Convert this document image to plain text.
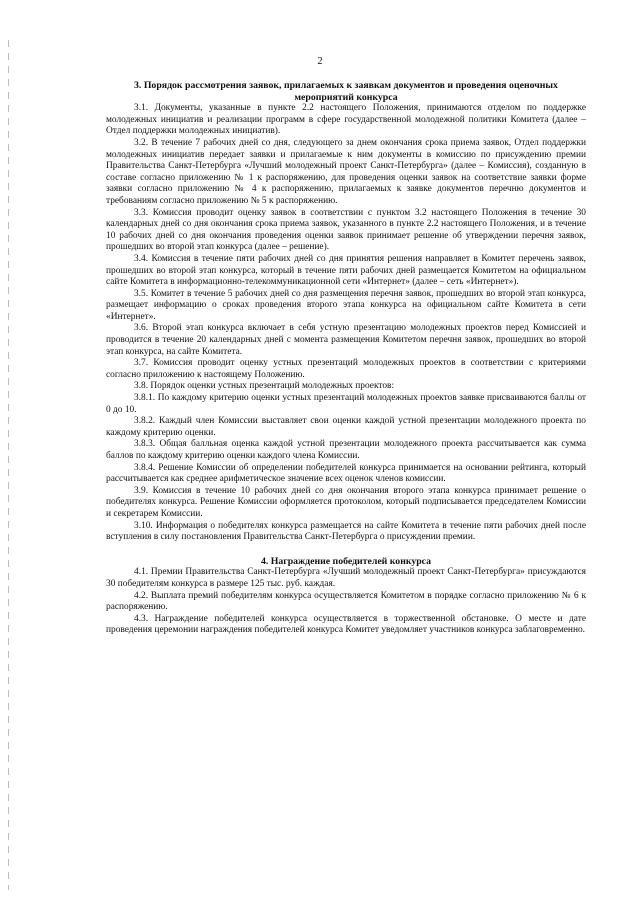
2
3. Порядок рассмотрения заявок, прилагаемых к заявкам документов и проведения оценочных мероприятий конкурса

3.1. Документы, указанные в пункте 2.2 настоящего Положения, принимаются отделом по поддержке молодежных инициатив и реализации программ в сфере государственной молодежной политики Комитета (далее – Отдел поддержки молодежных инициатив).

3.2. В течение 7 рабочих дней со дня, следующего за днем окончания срока приема заявок, Отдел поддержки молодежных инициатив передает заявки и прилагаемые к ним документы в комиссию по присуждению премии Правительства Санкт-Петербурга «Лучший молодежный проект Санкт-Петербурга» (далее – Комиссия), созданную в составе согласно приложению № 1 к распоряжению, для проведения оценки заявок на соответствие заявки форме заявки согласно приложению № 4 к распоряжению, прилагаемых к заявке документов перечню документов и требованиям согласно приложению № 5 к распоряжению.

3.3. Комиссия проводит оценку заявок в соответствии с пунктом 3.2 настоящего Положения в течение 30 календарных дней со дня окончания срока приема заявок, указанного в пункте 2.2 настоящего Положения, и в течение 10 рабочих дней со дня окончания проведения оценки заявок принимает решение об утверждении перечня заявок, прошедших во второй этап конкурса (далее – решение).

3.4. Комиссия в течение пяти рабочих дней со дня принятия решения направляет в Комитет перечень заявок, прошедших во второй этап конкурса, который в течение пяти рабочих дней размещается Комитетом на официальном сайте Комитета в информационно-телекоммуникационной сети «Интернет» (далее – сеть «Интернет»).

3.5. Комитет в течение 5 рабочих дней со дня размещения перечня заявок, прошедших во второй этап конкурса, размещает информацию о сроках проведения второго этапа конкурса на официальном сайте Комитета в сети «Интернет».

3.6. Второй этап конкурса включает в себя устную презентацию молодежных проектов перед Комиссией и проводится в течение 20 календарных дней с момента размещения Комитетом перечня заявок, прошедших во второй этап конкурса, на сайте Комитета.

3.7. Комиссия проводит оценку устных презентаций молодежных проектов в соответствии с критериями согласно приложению к настоящему Положению.

3.8. Порядок оценки устных презентаций молодежных проектов:

3.8.1. По каждому критерию оценки устных презентаций молодежных проектов заявке присваиваются баллы от 0 до 10.

3.8.2. Каждый член Комиссии выставляет свои оценки каждой устной презентации молодежного проекта по каждому критерию оценки.

3.8.3. Общая балльная оценка каждой устной презентации молодежного проекта рассчитывается как сумма баллов по каждому критерию оценки каждого члена Комиссии.

3.8.4. Решение Комиссии об определении победителей конкурса принимается на основании рейтинга, который рассчитывается как среднее арифметическое значение всех оценок членов комиссии.

3.9. Комиссия в течение 10 рабочих дней со дня окончания второго этапа конкурса принимает решение о победителях конкурса. Решение Комиссии оформляется протоколом, который подписывается председателем Комиссии и секретарем Комиссии.

3.10. Информация о победителях конкурса размещается на сайте Комитета в течение пяти рабочих дней после вступления в силу постановления Правительства Санкт-Петербурга о присуждении премии.

4. Награждение победителей конкурса

4.1. Премии Правительства Санкт-Петербурга «Лучший молодежный проект Санкт-Петербурга» присуждаются 30 победителям конкурса в размере 125 тыс. руб. каждая.

4.2. Выплата премий победителям конкурса осуществляется Комитетом в порядке согласно приложению № 6 к распоряжению.

4.3. Награждение победителей конкурса осуществляется в торжественной обстановке. О месте и дате проведения церемонии награждения победителей конкурса Комитет уведомляет участников конкурса заблаговременно.
